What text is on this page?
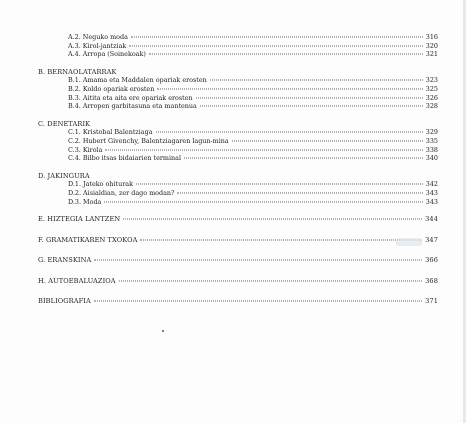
A.2. Neguko moda	316
A.3. Kirol-jantziak	320
A.4. Arropa (Soinekoak)	321
B. BERNAOLATARRAK
B.1. Amama eta Maddalen opariak erosten	323
B.2. Koldo opariak erosten	325
B.3. Aitita eta aita ere opariak erosten	326
B.4. Arropen garbitasuna eta mantenua	328
C. DENETARIK
C.1. Kristobal Balentziaga	329
C.2. Hubert Givenchy, Balentziagaren lagun-mina	335
C.3. Kirola	338
C.4. Bilbo itsas bidaiarien terminal	340
D. JAKINGURA
D.1. Jateko ohiturak	342
D.2. Aisialdian, zer dago modan?	343
D.3. Moda	343
E. HIZTEGIA LANTZEN	344
F. GRAMATIKAREN TXOKOA	347
G. ERANSKINA	366
H. AUTOEBALUAZIOA	368
BIBLIOGRAFIA	371
